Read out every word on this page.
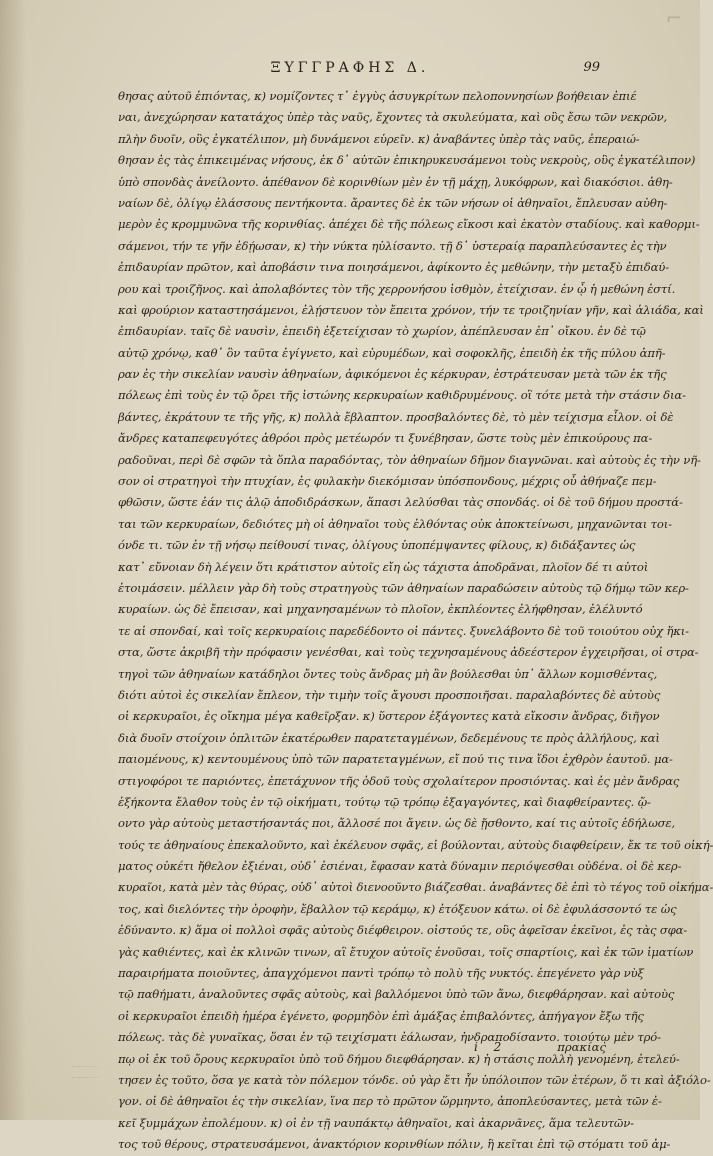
⌐
ΞΥΓΓΡΑΦΗΣ Δ.	99
θησας αὐτοῦ ἐπιόντας, κ) νομίζοντες τ᾽ ἐγγὺς ἀσυγκρίτων πελοποννησίων βοήθειαν ἐπιέ
ναι, ἀνεχώρησαν κατατάχος ὑπὲρ τὰς ναῦς, ἔχοντες τὰ σκυλεύματα, καὶ οὓς ἔσω τῶν νεκρῶν,
πλὴν δυοῖν, οὓς ἐγκατέλιπον, μὴ δυνάμενοι εὑρεῖν. κ) ἀναβάντες ὑπὲρ τὰς ναῦς, ἐπεραιώ-
θησαν ἐς τὰς ἐπικειμένας νήσους, ἐκ δ᾽ αὐτῶν ἐπικηρυκευσάμενοι τοὺς νεκροὺς, οὓς ἐγκατέλιπον)
ὑπὸ σπονδὰς ἀνείλοντο. ἀπέθανον δὲ κορινθίων μὲν ἐν τῇ μάχῃ, λυκόφρων, καὶ διακόσιοι. ἀθη-
ναίων δὲ, ὀλίγῳ ἐλάσσους πεντήκοντα. ἄραντες δὲ ἐκ τῶν νήσων οἱ ἀθηναῖοι, ἔπλευσαν αὐθη-
μερὸν ἐς κρομμυῶνα τῆς κορινθίας. ἀπέχει δὲ τῆς πόλεως εἴκοσι καὶ ἑκατὸν σταδίους. καὶ καθορμι-
σάμενοι, τήν τε γῆν ἐδῄωσαν, κ) τὴν νύκτα ηὐλίσαντο. τῇ δ᾽ ὑστεραίᾳ παραπλεύσαντες ἐς τὴν
ἐπιδαυρίαν πρῶτον, καὶ ἀποβάσιν τινα ποιησάμενοι, ἀφίκοντο ἐς μεθώνην, τὴν μεταξὺ ἐπιδαύ-
ρου καὶ τροιζῆνος. καὶ ἀπολαβόντες τὸν τῆς χερρονήσου ἰσθμὸν, ἐτείχισαν. ἐν ᾧ ἡ μεθώνη ἐστί.
καὶ φρούριον καταστησάμενοι, ἐλῄστευον τὸν ἔπειτα χρόνον, τήν τε τροιζηνίαν γῆν, καὶ ἁλιάδα, καὶ
ἐπιδαυρίαν. ταῖς δὲ ναυσὶν, ἐπειδὴ ἐξετείχισαν τὸ χωρίον, ἀπέπλευσαν ἐπ᾽ οἴκου. ἐν δὲ τῷ
αὐτῷ χρόνῳ, καθ᾽ ὃν ταῦτα ἐγίγνετο, καὶ εὐρυμέδων, καὶ σοφοκλῆς, ἐπειδὴ ἐκ τῆς πύλου ἀπῆ-
ραν ἐς τὴν σικελίαν ναυσὶν ἀθηναίων, ἀφικόμενοι ἐς κέρκυραν, ἐστράτευσαν μετὰ τῶν ἐκ τῆς
πόλεως ἐπὶ τοὺς ἐν τῷ ὄρει τῆς ἰστώνης κερκυραίων καθιδρυμένους. οἳ τότε μετὰ τὴν στάσιν δια-
βάντες, ἐκράτουν τε τῆς γῆς, κ) πολλὰ ἔβλαπτον. προσβαλόντες δὲ, τὸ μὲν τείχισμα εἷλον. οἱ δὲ
ἄνδρες καταπεφευγότες ἀθρόοι πρὸς μετέωρόν τι ξυνέβησαν, ὥστε τοὺς μὲν ἐπικούρους πα-
ραδοῦναι, περὶ δὲ σφῶν τὰ ὅπλα παραδόντας, τὸν ἀθηναίων δῆμον διαγνῶναι. καὶ αὐτοὺς ἐς τὴν νῆ-
σον οἱ στρατηγοὶ τὴν πτυχίαν, ἐς φυλακὴν διεκόμισαν ὑπόσπονδους, μέχρις οὗ ἀθήναζε πεμ-
φθῶσιν, ὥστε ἐάν τις ἁλῷ ἀποδιδράσκων, ἅπασι λελύσθαι τὰς σπονδάς. οἱ δὲ τοῦ δήμου προστά-
ται τῶν κερκυραίων, δεδιότες μὴ οἱ ἀθηναῖοι τοὺς ἐλθόντας οὐκ ἀποκτείνωσι, μηχανῶνται τοι-
όνδε τι. τῶν ἐν τῇ νήσῳ πείθουσί τινας, ὀλίγους ὑποπέμψαντες φίλους, κ) διδάξαντες ὡς
κατ᾽ εὔνοιαν δὴ λέγειν ὅτι κράτιστον αὐτοῖς εἴη ὡς τάχιστα ἀποδρᾶναι, πλοῖον δέ τι αὐτοὶ
ἑτοιμάσειν. μέλλειν γὰρ δὴ τοὺς στρατηγοὺς τῶν ἀθηναίων παραδώσειν αὐτοὺς τῷ δήμῳ τῶν κερ-
κυραίων. ὡς δὲ ἔπεισαν, καὶ μηχανησαμένων τὸ πλοῖον, ἐκπλέοντες ἐλήφθησαν, ἐλέλυντό
τε αἱ σπονδαί, καὶ τοῖς κερκυραίοις παρεδέδοντο οἱ πάντες. ξυνελάβοντο δὲ τοῦ τοιούτου οὐχ ἥκι-
στα, ὥστε ἀκριβῆ τὴν πρόφασιν γενέσθαι, καὶ τοὺς τεχνησαμένους ἀδεέστερον ἐγχειρῆσαι, οἱ στρα-
τηγοὶ τῶν ἀθηναίων κατάδηλοι ὄντες τοὺς ἄνδρας μὴ ἂν βούλεσθαι ὑπ᾽ ἄλλων κομισθέντας,
διότι αὐτοὶ ἐς σικελίαν ἔπλεον, τὴν τιμὴν τοῖς ἄγουσι προσποιῆσαι. παραλαβόντες δὲ αὐτοὺς
οἱ κερκυραῖοι, ἐς οἴκημα μέγα καθεῖρξαν. κ) ὕστερον ἐξάγοντες κατὰ εἴκοσιν ἄνδρας, διῆγον
διὰ δυοῖν στοίχοιν ὁπλιτῶν ἑκατέρωθεν παρατεταγμένων, δεδεμένους τε πρὸς ἀλλήλους, καὶ
παιομένους, κ) κεντουμένους ὑπὸ τῶν παρατεταγμένων, εἴ πού τις τινα ἴδοι ἐχθρὸν ἑαυτοῦ. μα-
στιγοφόροι τε παριόντες, ἐπετάχυνον τῆς ὁδοῦ τοὺς σχολαίτερον προσιόντας. καὶ ἐς μὲν ἄνδρας
ἑξήκοντα ἔλαθον τοὺς ἐν τῷ οἰκήματι, τούτῳ τῷ τρόπῳ ἐξαγαγόντες, καὶ διαφθείραντες. ᾤ-
οντο γὰρ αὐτοὺς μεταστήσαντάς ποι, ἄλλοσέ ποι ἄγειν. ὡς δὲ ᾔσθοντο, καί τις αὐτοῖς ἐδήλωσε,
τούς τε ἀθηναίους ἐπεκαλοῦντο, καὶ ἐκέλευον σφᾶς, εἰ βούλονται, αὐτοὺς διαφθείρειν, ἔκ τε τοῦ οἰκή-
ματος οὐκέτι ἤθελον ἐξιέναι, οὐδ᾽ ἐσιέναι, ἔφασαν κατὰ δύναμιν περιόψεσθαι οὐδένα. οἱ δὲ κερ-
κυραῖοι, κατὰ μὲν τὰς θύρας, οὐδ᾽ αὐτοὶ διενοοῦντο βιάζεσθαι. ἀναβάντες δὲ ἐπὶ τὸ τέγος τοῦ οἰκήμα-
τος, καὶ διελόντες τὴν ὀροφὴν, ἔβαλλον τῷ κεράμῳ, κ) ἐτόξευον κάτω. οἱ δὲ ἐφυλάσσοντό τε ὡς
ἐδύναντο. κ) ἅμα οἱ πολλοὶ σφᾶς αὐτοὺς διέφθειρον. οἰστούς τε, οὓς ἀφεῖσαν ἐκεῖνοι, ἐς τὰς σφα-
γὰς καθιέντες, καὶ ἐκ κλινῶν τινων, αἳ ἔτυχον αὐτοῖς ἐνοῦσαι, τοῖς σπαρτίοις, καὶ ἐκ τῶν ἱματίων
παραιρήματα ποιοῦντες, ἀπαγχόμενοι παντὶ τρόπῳ τὸ πολὺ τῆς νυκτός. ἐπεγένετο γὰρ νὺξ
τῷ παθήματι, ἀναλοῦντες σφᾶς αὐτοὺς, καὶ βαλλόμενοι ὑπὸ τῶν ἄνω, διεφθάρησαν. καὶ αὐτοὺς
οἱ κερκυραῖοι ἐπειδὴ ἡμέρα ἐγένετο, φορμηδὸν ἐπὶ ἁμάξας ἐπιβαλόντες, ἀπήγαγον ἔξω τῆς
πόλεως. τὰς δὲ γυναῖκας, ὅσαι ἐν τῷ τειχίσματι ἑάλωσαν, ἠνδραποδίσαντο. τοιούτῳ μὲν τρό-
πῳ οἱ ἐκ τοῦ ὄρους κερκυραῖοι ὑπὸ τοῦ δήμου διεφθάρησαν. κ) ἡ στάσις πολλὴ γενομένη, ἐτελεύ-
τησεν ἐς τοῦτο, ὅσα γε κατὰ τὸν πόλεμον τόνδε. οὐ γὰρ ἔτι ἦν ὑπόλοιπον τῶν ἑτέρων, ὅ τι καὶ ἀξιόλο-
γον. οἱ δὲ ἀθηναῖοι ἐς τὴν σικελίαν, ἵνα περ τὸ πρῶτον ὥρμηντο, ἀποπλεύσαντες, μετὰ τῶν ἐ-
κεῖ ξυμμάχων ἐπολέμουν. κ) οἱ ἐν τῇ ναυπάκτῳ ἀθηναῖοι, καὶ ἀκαρνᾶνες, ἅμα τελευτῶν-
τος τοῦ θέρους, στρατευσάμενοι, ἀνακτόριον κορινθίων πόλιν, ἣ κεῖται ἐπὶ τῷ στόματι τοῦ ἀμ-
i 2	πρακίας
